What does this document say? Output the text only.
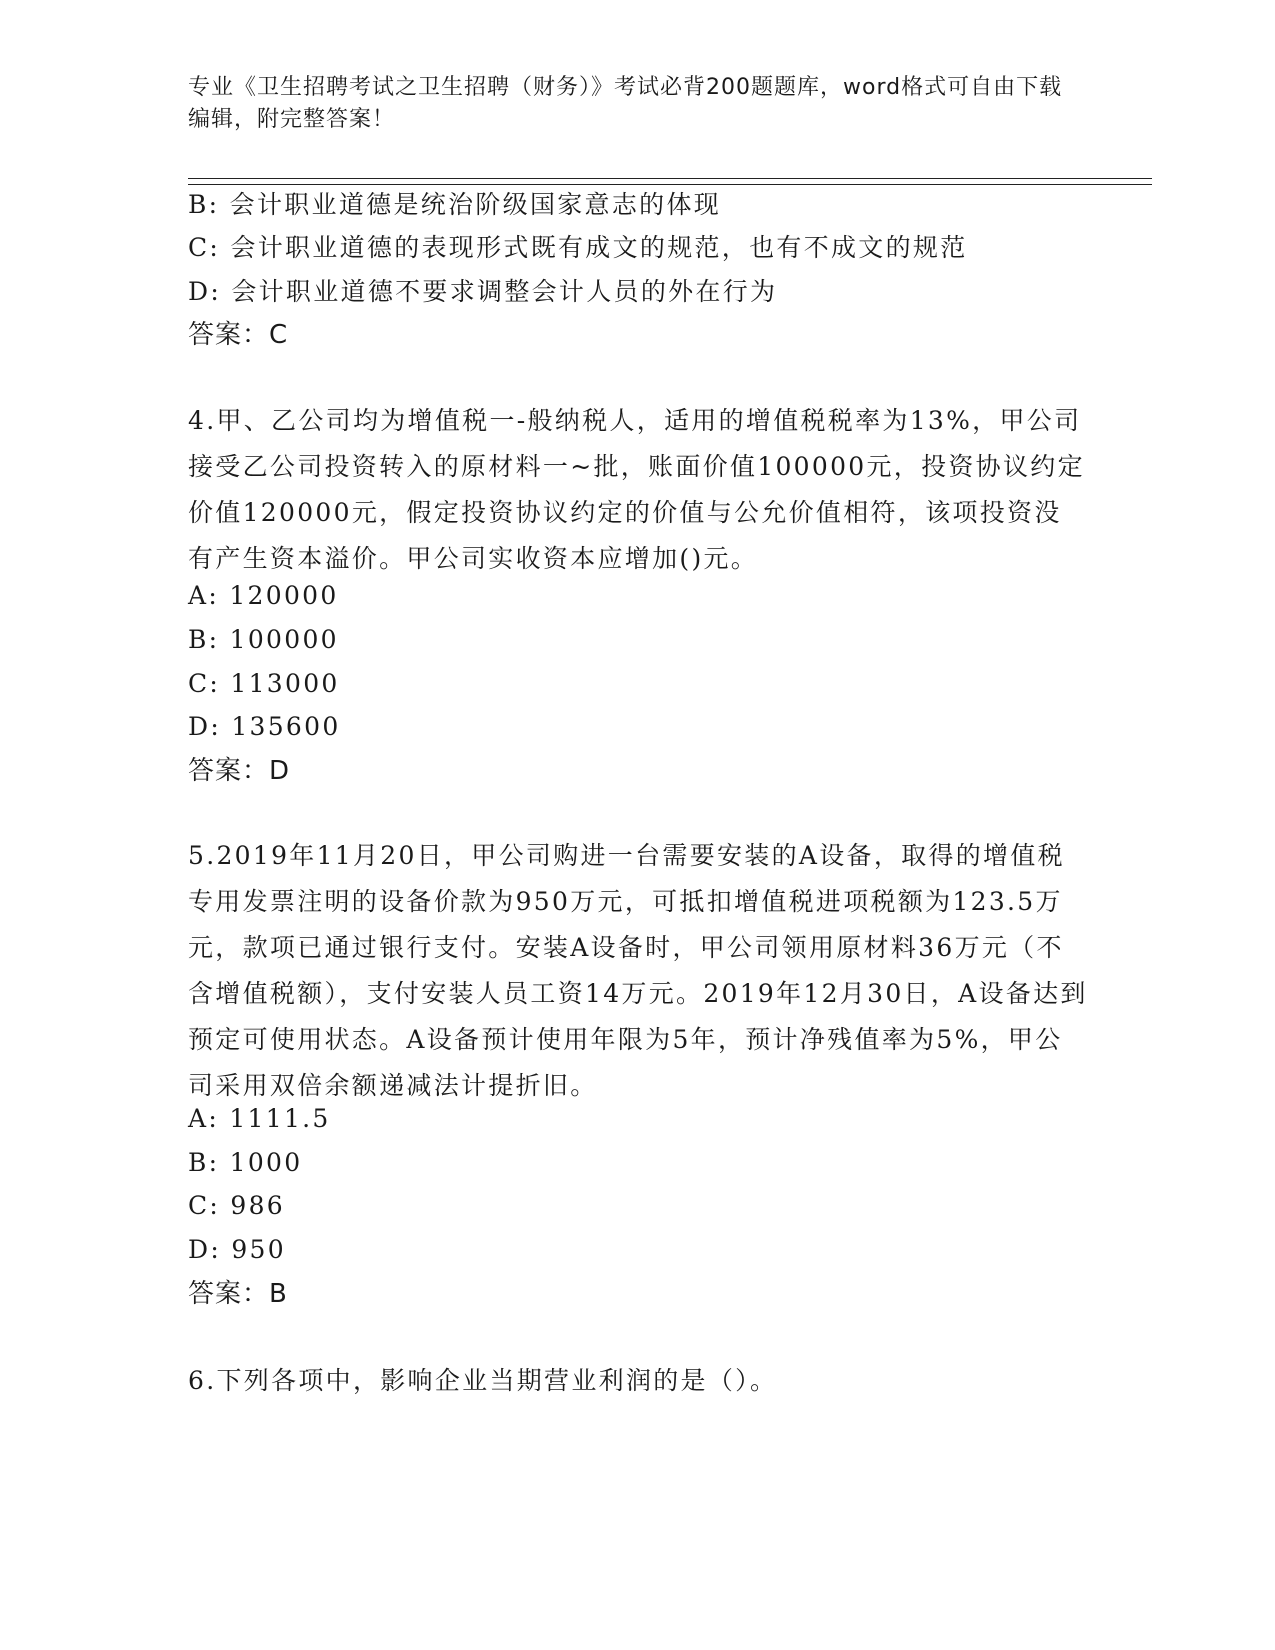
专业《卫生招聘考试之卫生招聘（财务）》考试必背200题题库，word格式可自由下载编辑，附完整答案！
B: 会计职业道德是统治阶级国家意志的体现
C: 会计职业道德的表现形式既有成文的规范，也有不成文的规范
D: 会计职业道德不要求调整会计人员的外在行为
答案：C
4.甲、乙公司均为增值税一-般纳税人，适用的增值税税率为13%，甲公司接受乙公司投资转入的原材料一~批，账面价值100000元，投资协议约定价值120000元，假定投资协议约定的价值与公允价值相符，该项投资没有产生资本溢价。甲公司实收资本应增加()元。
A: 120000
B: 100000
C: 113000
D: 135600
答案：D
5.2019年11月20日，甲公司购进一台需要安装的A设备，取得的增值税专用发票注明的设备价款为950万元，可抵扣增值税进项税额为123.5万元，款项已通过银行支付。安装A设备时，甲公司领用原材料36万元（不含增值税额），支付安装人员工资14万元。2019年12月30日，A设备达到预定可使用状态。A设备预计使用年限为5年，预计净残值率为5%，甲公司采用双倍余额递减法计提折旧。
A: 1111.5
B: 1000
C: 986
D: 950
答案：B
6.下列各项中，影响企业当期营业利润的是（）。
